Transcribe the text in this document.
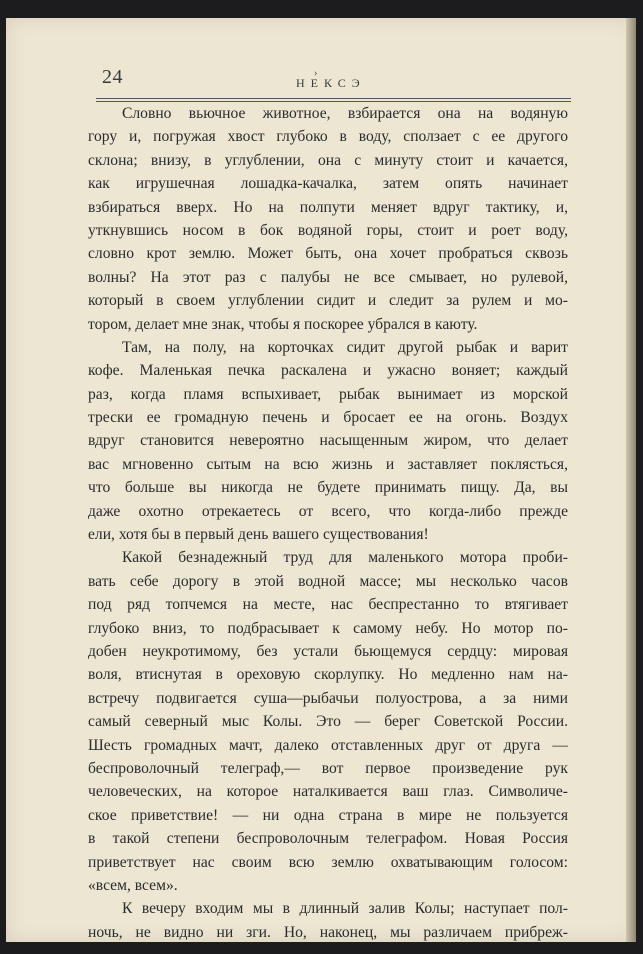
24	›
НЕКСЭ
Словно вьючное животное, взбирается она на водяную
гору и, погружая хвост глубоко в воду, сползает с ее другого
склона; внизу, в углублении, она с минуту стоит и качается,
как игрушечная лошадка-качалка, затем опять начинает
взбираться вверх. Но на полпути меняет вдруг тактику, и,
уткнувшись носом в бок водяной горы, стоит и роет воду,
словно крот землю. Может быть, она хочет пробраться сквозь
волны? На этот раз с палубы не все смывает, но рулевой,
который в своем углублении сидит и следит за рулем и мо-
тором, делает мне знак, чтобы я поскорее убрался в каюту.
Там, на полу, на корточках сидит другой рыбак и варит
кофе. Маленькая печка раскалена и ужасно воняет; каждый
раз, когда пламя вспыхивает, рыбак вынимает из морской
трески ее громадную печень и бросает ее на огонь. Воздух
вдруг становится невероятно насыщенным жиром, что делает
вас мгновенно сытым на всю жизнь и заставляет поклясться,
что больше вы никогда не будете принимать пищу. Да, вы
даже охотно отрекаетесь от всего, что когда-либо прежде
ели, хотя бы в первый день вашего существования!
Какой безнадежный труд для маленького мотора проби-
вать себе дорогу в этой водной массе; мы несколько часов
под ряд топчемся на месте, нас беспрестанно то втягивает
глубоко вниз, то подбрасывает к самому небу. Но мотор по-
добен неукротимому, без устали бьющемуся сердцу: мировая
воля, втиснутая в ореховую скорлупку. Но медленно нам на-
встречу подвигается суша—рыбачьи полуострова, а за ними
самый северный мыс Колы. Это — берег Советской России.
Шесть громадных мачт, далеко отставленных друг от друга —
беспроволочный телеграф,— вот первое произведение рук
человеческих, на которое наталкивается ваш глаз. Символиче-
ское приветствие! — ни одна страна в мире не пользуется
в такой степени беспроволочным телеграфом. Новая Россия
приветствует нас своим всю землю охватывающим голосом:
«всем, всем».
К вечеру входим мы в длинный залив Колы; наступает пол-
ночь, не видно ни зги. Но, наконец, мы различаем прибреж-
